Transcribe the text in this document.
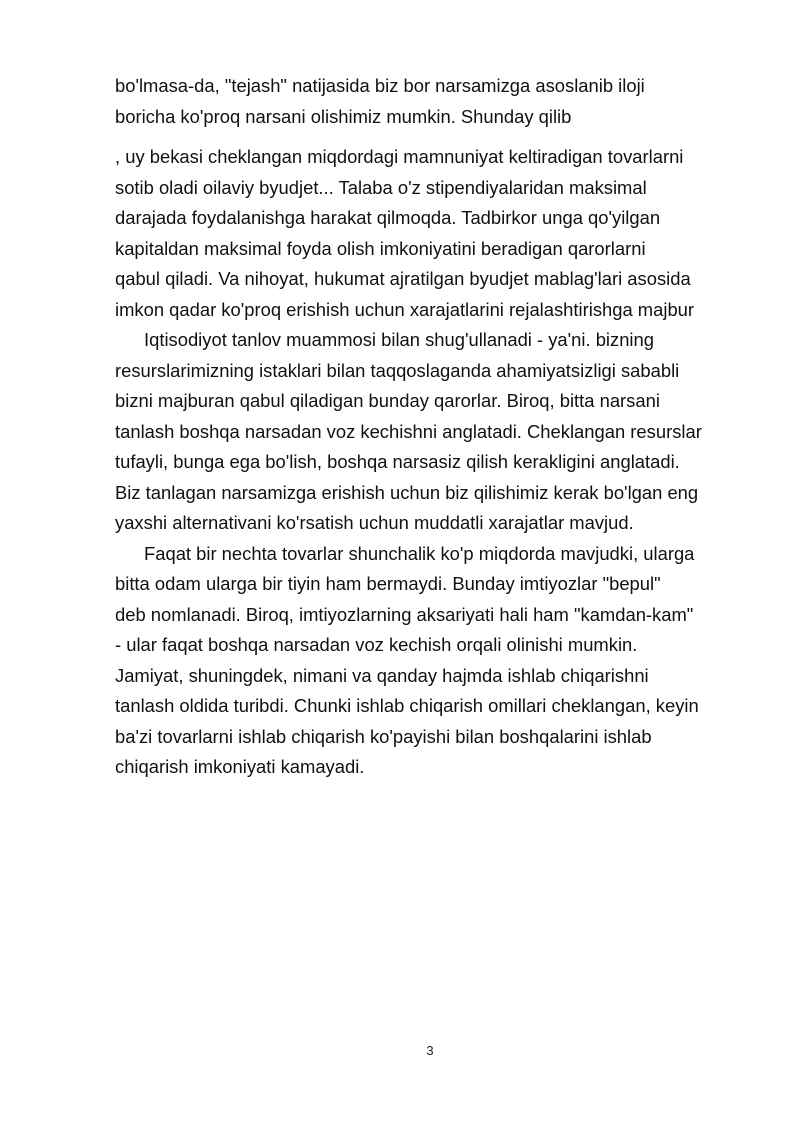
bo'lmasa-da, "tejash" natijasida biz bor narsamizga asoslanib iloji
boricha ko'proq narsani olishimiz mumkin. Shunday qilib

, uy bekasi cheklangan miqdordagi mamnuniyat keltiradigan tovarlarni
sotib oladi oilaviy byudjet... Talaba o'z stipendiyalaridan maksimal
darajada foydalanishga harakat qilmoqda. Tadbirkor unga qo'yilgan
kapitaldan maksimal foyda olish imkoniyatini beradigan qarorlarni
qabul qiladi. Va nihoyat, hukumat ajratilgan byudjet mablag'lari asosida
imkon qadar ko'proq erishish uchun xarajatlarini rejalashtirishga majbur

Iqtisodiyot tanlov muammosi bilan shug'ullanadi - ya'ni. bizning
resurslarimizning istaklari bilan taqqoslaganda ahamiyatsizligi sababli
bizni majburan qabul qiladigan bunday qarorlar. Biroq, bitta narsani
tanlash boshqa narsadan voz kechishni anglatadi. Cheklangan resurslar
tufayli, bunga ega bo'lish, boshqa narsasiz qilish kerakligini anglatadi.
Biz tanlagan narsamizga erishish uchun biz qilishimiz kerak bo'lgan eng
yaxshi alternativani ko'rsatish uchun muddatli xarajatlar mavjud.

Faqat bir nechta tovarlar shunchalik ko'p miqdorda mavjudki, ularga
bitta odam ularga bir tiyin ham bermaydi. Bunday imtiyozlar "bepul"
deb nomlanadi. Biroq, imtiyozlarning aksariyati hali ham "kamdan-kam"
- ular faqat boshqa narsadan voz kechish orqali olinishi mumkin.
Jamiyat, shuningdek, nimani va qanday hajmda ishlab chiqarishni
tanlash oldida turibdi. Chunki ishlab chiqarish omillari cheklangan, keyin
ba'zi tovarlarni ishlab chiqarish ko'payishi bilan boshqalarini ishlab
chiqarish imkoniyati kamayadi.

3
